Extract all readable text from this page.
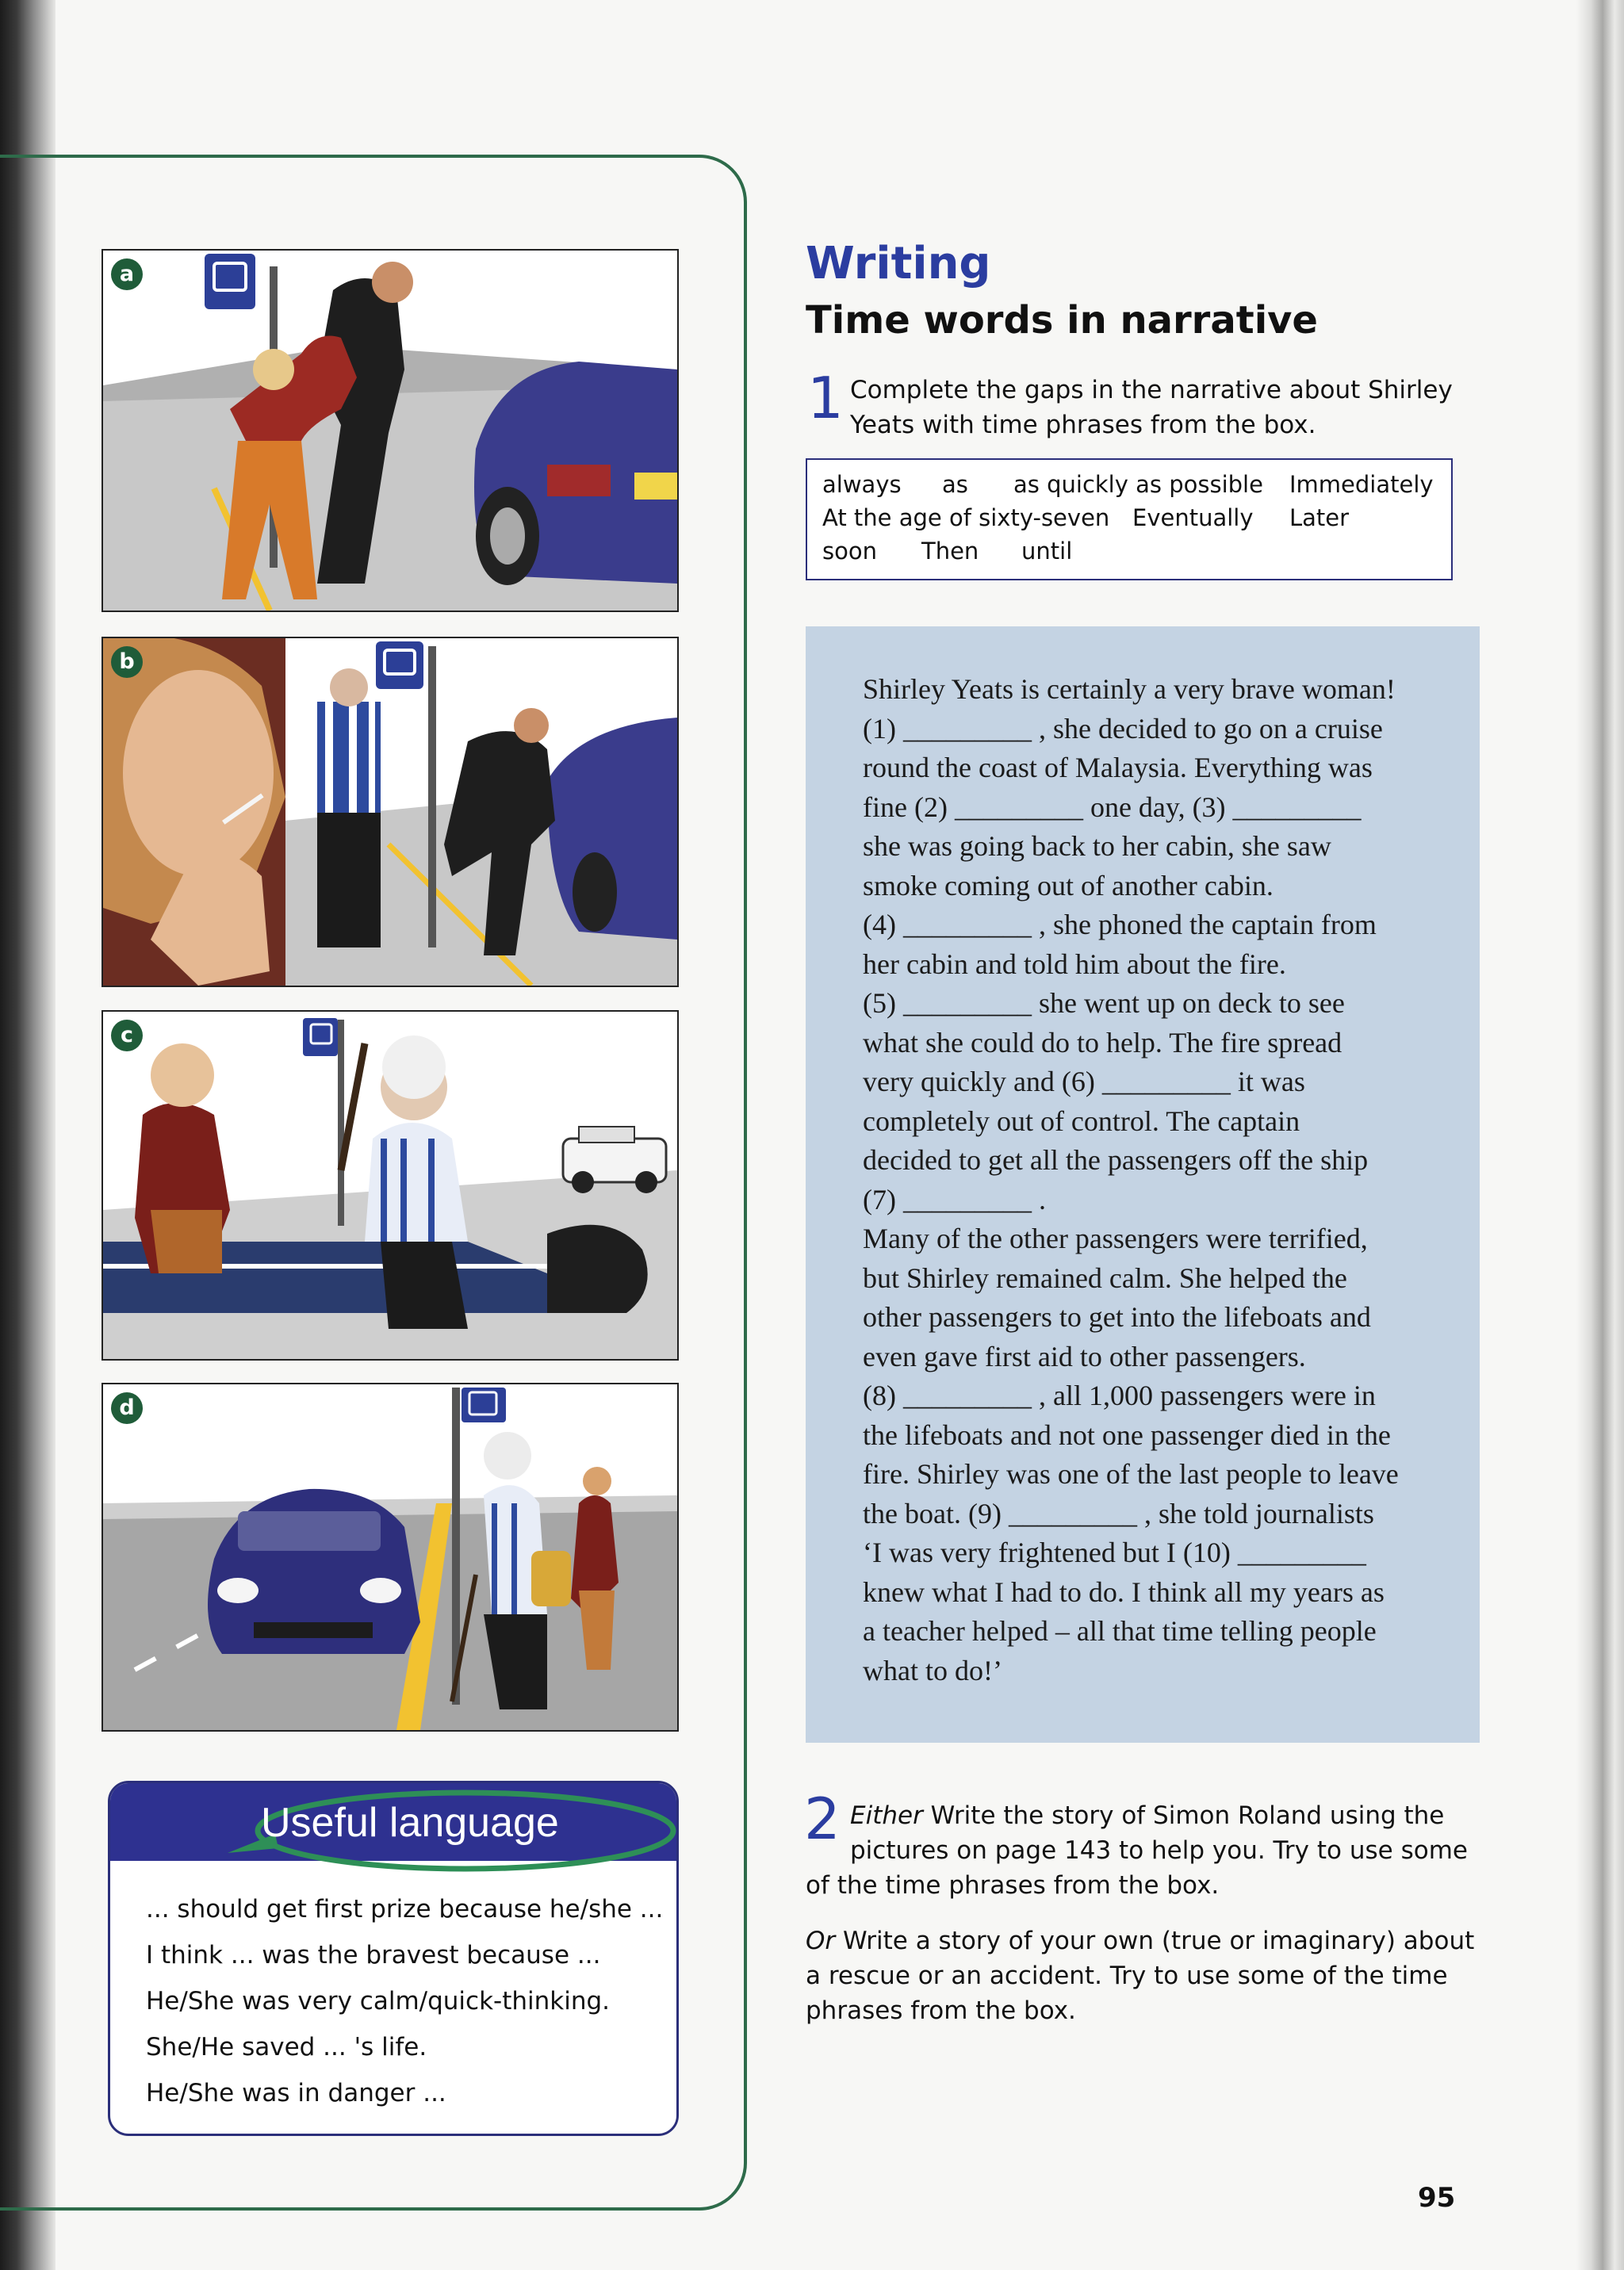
a
b
c
d
Useful language
... should get first prize because he/she ...
I think ... was the bravest because ...
He/She was very calm/quick-thinking.
She/He saved ... 's life.
He/She was in danger ...
Writing
Time words in narrative
1 Complete the gaps in the narrative about Shirley
Yeats with time phrases from the box.
always as as quickly as possible Immediately
At the age of sixty-seven Eventually Later
soon Then until

Shirley Yeats is certainly a very brave woman!
(1) _________ , she decided to go on a cruise
round the coast of Malaysia. Everything was
fine (2) _________ one day, (3) _________
she was going back to her cabin, she saw
smoke coming out of another cabin.
(4) _________ , she phoned the captain from
her cabin and told him about the fire.
(5) _________ she went up on deck to see
what she could do to help. The fire spread
very quickly and (6) _________ it was
completely out of control. The captain
decided to get all the passengers off the ship
(7) _________ .
Many of the other passengers were terrified,
but Shirley remained calm. She helped the
other passengers to get into the lifeboats and
even gave first aid to other passengers.
(8) _________ , all 1,000 passengers were in
the lifeboats and not one passenger died in the
fire. Shirley was one of the last people to leave
the boat. (9) _________ , she told journalists
‘I was very frightened but I (10) _________
knew what I had to do. I think all my years as
a teacher helped – all that time telling people
what to do!’

2 Either Write the story of Simon Roland using the
pictures on page 143 to help you. Try to use some
of the time phrases from the box.
Or Write a story of your own (true or imaginary) about
a rescue or an accident. Try to use some of the time
phrases from the box.
95
